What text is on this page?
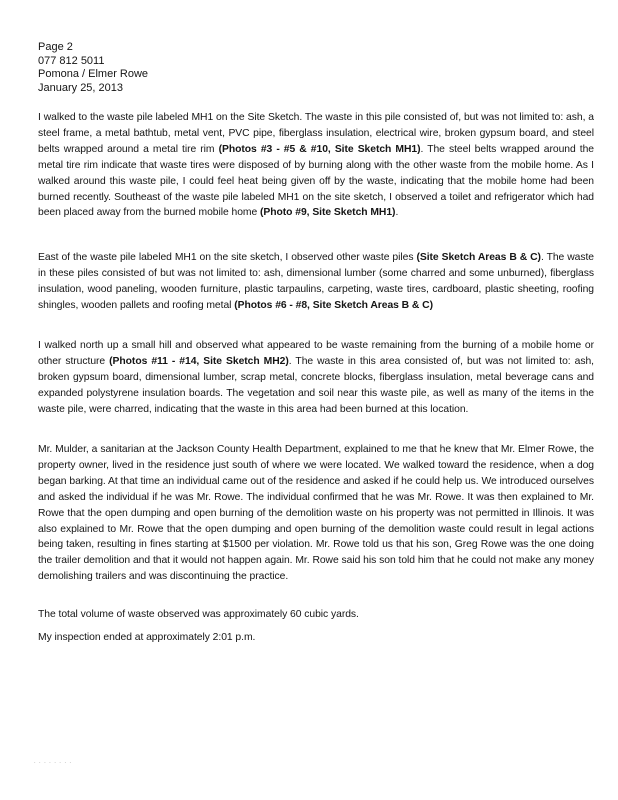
Page 2
077 812 5011
Pomona / Elmer Rowe
January 25, 2013

I walked to the waste pile labeled MH1 on the Site Sketch. The waste in this pile consisted of, but was not limited to: ash, a steel frame, a metal bathtub, metal vent, PVC pipe, fiberglass insulation, electrical wire, broken gypsum board, and steel belts wrapped around a metal tire rim (Photos #3 - #5 & #10, Site Sketch MH1). The steel belts wrapped around the metal tire rim indicate that waste tires were disposed of by burning along with the other waste from the mobile home. As I walked around this waste pile, I could feel heat being given off by the waste, indicating that the mobile home had been burned recently. Southeast of the waste pile labeled MH1 on the site sketch, I observed a toilet and refrigerator which had been placed away from the burned mobile home (Photo #9, Site Sketch MH1).

East of the waste pile labeled MH1 on the site sketch, I observed other waste piles (Site Sketch Areas B & C). The waste in these piles consisted of but was not limited to: ash, dimensional lumber (some charred and some unburned), fiberglass insulation, wood paneling, wooden furniture, plastic tarpaulins, carpeting, waste tires, cardboard, plastic sheeting, roofing shingles, wooden pallets and roofing metal (Photos #6 - #8, Site Sketch Areas B & C)

I walked north up a small hill and observed what appeared to be waste remaining from the burning of a mobile home or other structure (Photos #11 - #14, Site Sketch MH2). The waste in this area consisted of, but was not limited to: ash, broken gypsum board, dimensional lumber, scrap metal, concrete blocks, fiberglass insulation, metal beverage cans and expanded polystyrene insulation boards. The vegetation and soil near this waste pile, as well as many of the items in the waste pile, were charred, indicating that the waste in this area had been burned at this location.

Mr. Mulder, a sanitarian at the Jackson County Health Department, explained to me that he knew that Mr. Elmer Rowe, the property owner, lived in the residence just south of where we were located. We walked toward the residence, when a dog began barking. At that time an individual came out of the residence and asked if he could help us. We introduced ourselves and asked the individual if he was Mr. Rowe. The individual confirmed that he was Mr. Rowe. It was then explained to Mr. Rowe that the open dumping and open burning of the demolition waste on his property was not permitted in Illinois. It was also explained to Mr. Rowe that the open dumping and open burning of the demolition waste could result in legal actions being taken, resulting in fines starting at $1500 per violation. Mr. Rowe told us that his son, Greg Rowe was the one doing the trailer demolition and that it would not happen again. Mr. Rowe said his son told him that he could not make any money demolishing trailers and was discontinuing the practice.

The total volume of waste observed was approximately 60 cubic yards.

My inspection ended at approximately 2:01 p.m.

· · · · · · · ·
